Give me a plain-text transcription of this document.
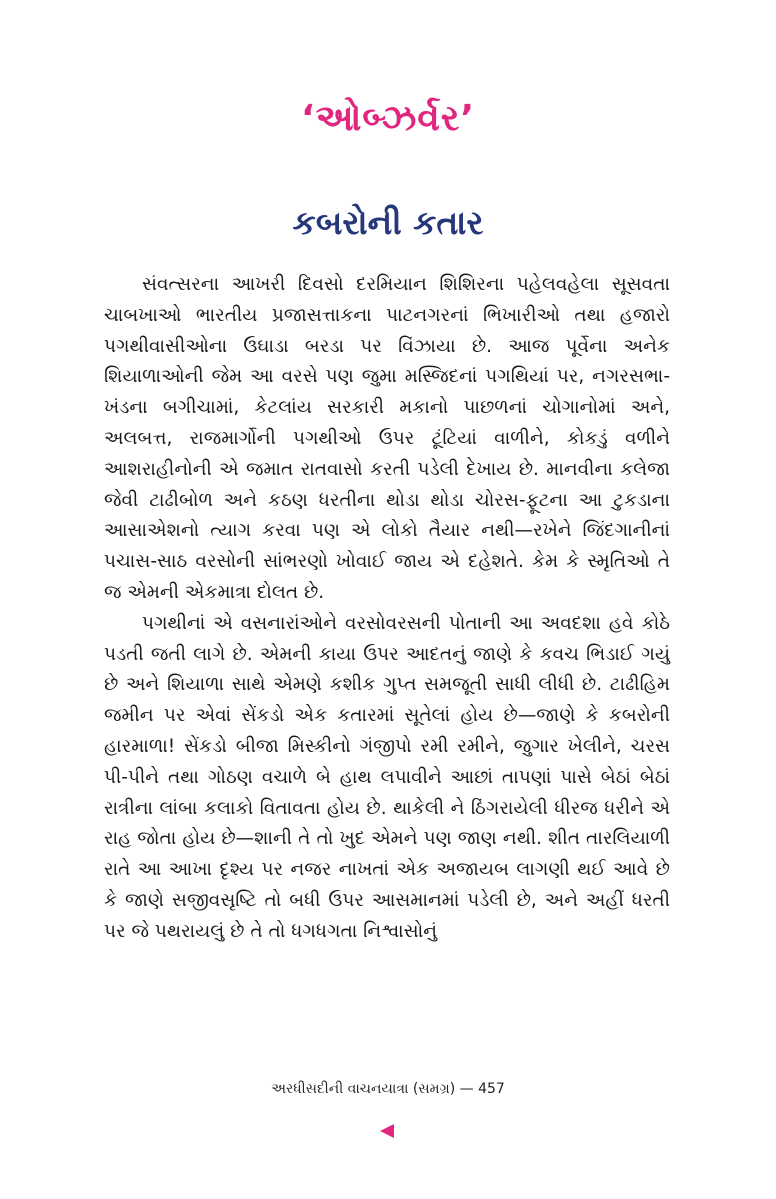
‘ઓબ્ઝર્વર’
કબરોની કતાર

સંવત્સરના આખરી દિવસો દરમિયાન શિશિરના પહેલવહેલા સૂસવતા ચાબખાઓ ભારતીય પ્રજાસત્તાકના પાટનગરનાં ભિખારીઓ તથા હજારો પગથીવાસીઓના ઉઘાડા બરડા પર વિંઝાયા છે. આજ પૂર્વેના અનેક શિયાળાઓની જેમ આ વરસે પણ જુમા મસ્જિદનાં પગથિયાં પર, નગરસભા-ખંડના બગીચામાં, કેટલાંય સરકારી મકાનો પાછળનાં ચોગાનોમાં અને, અલબત્ત, રાજમાર્ગોની પગથીઓ ઉપર ટૂંટિયાં વાળીને, કોકડું વળીને આશરાહીનોની એ જમાત રાતવાસો કરતી પડેલી દેખાય છે. માનવીના કલેજા જેવી ટાઢીબોળ અને કઠણ ધરતીના થોડા થોડા ચોરસ-ફૂટના આ ટુકડાના આસાએશનો ત્યાગ કરવા પણ એ લોકો તૈયાર નથી—રખેને જિંદગાનીનાં પચાસ-સાઠ વરસોની સાંભરણો ખોવાઈ જાય એ દહેશતે. કેમ કે સ્મૃતિઓ તે જ એમની એકમાત્રા દોલત છે.

પગથીનાં એ વસનારાંઓને વરસોવરસની પોતાની આ અવદશા હવે કોઠે પડતી જતી લાગે છે. એમની કાયા ઉપર આદતનું જાણે કે કવચ ભિડાઈ ગયું છે અને શિયાળા સાથે એમણે કશીક ગુપ્ત સમજૂતી સાધી લીધી છે. ટાઢીહિમ જમીન પર એવાં સેંકડો એક કતારમાં સૂતેલાં હોય છે—જાણે કે કબરોની હારમાળા! સેંકડો બીજા મિસ્કીનો ગંજીપો રમી રમીને, જુગાર ખેલીને, ચરસ પી-પીને તથા ગોઠણ વચાળે બે હાથ લપાવીને આછાં તાપણાં પાસે બેઠાં બેઠાં રાત્રીના લાંબા કલાકો વિતાવતા હોય છે. થાકેલી ને ઠિંગરાયેલી ધીરજ ધરીને એ રાહ જોતા હોય છે—શાની તે તો ખુદ એમને પણ જાણ નથી. શીત તારલિયાળી રાતે આ આખા દૃશ્ય પર નજર નાખતાં એક અજાયબ લાગણી થઈ આવે છે કે જાણે સજીવસૃષ્ટિ તો બધી ઉપર આસમાનમાં પડેલી છે, અને અહીં ધરતી પર જે પથરાયલું છે તે તો ધગધગતા નિશ્વાસોનું

અરધીસદીની વાચનયાત્રા (સમગ્ર) — 457
